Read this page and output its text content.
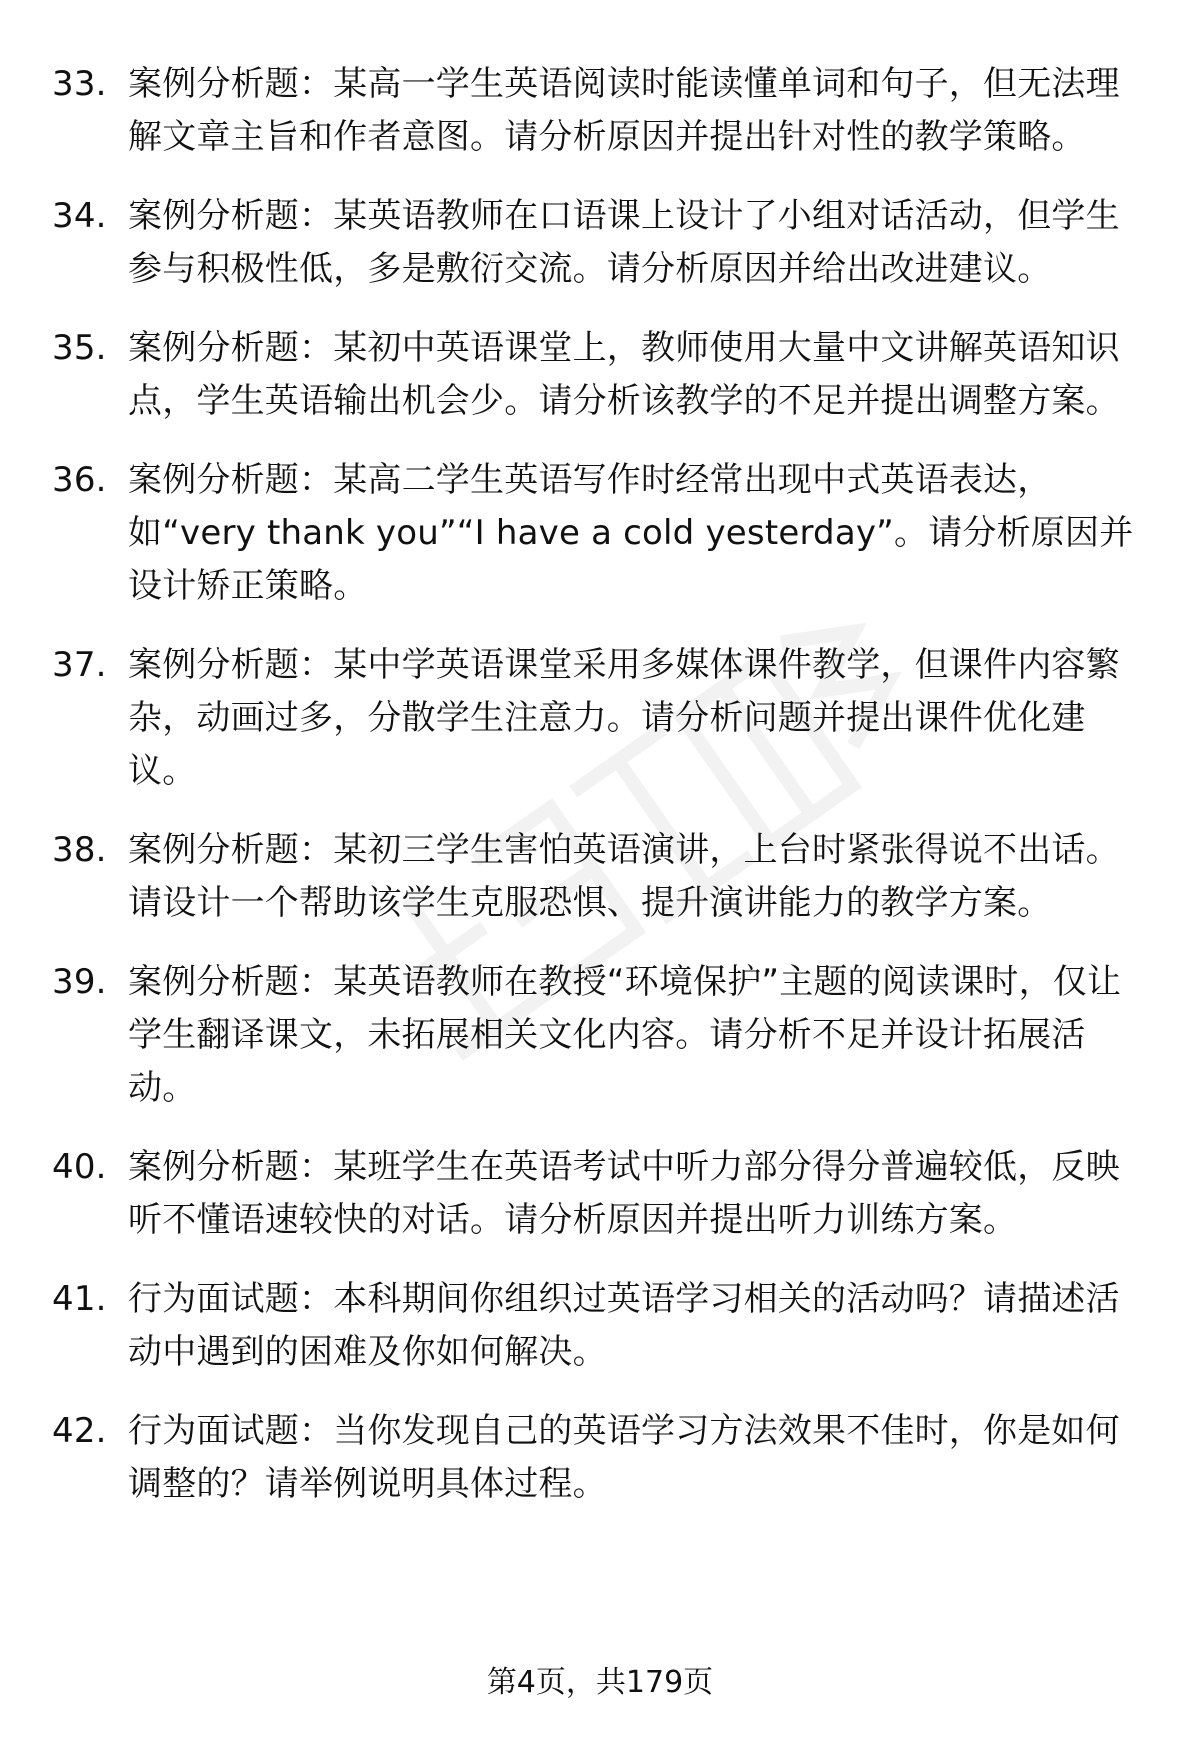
33. 案例分析题：某高一学生英语阅读时能读懂单词和句子，但无法理解文章主旨和作者意图。请分析原因并提出针对性的教学策略。
34. 案例分析题：某英语教师在口语课上设计了小组对话活动，但学生参与积极性低，多是敷衍交流。请分析原因并给出改进建议。
35. 案例分析题：某初中英语课堂上，教师使用大量中文讲解英语知识点，学生英语输出机会少。请分析该教学的不足并提出调整方案。
36. 案例分析题：某高二学生英语写作时经常出现中式英语表达，如“very thank you”“I have a cold yesterday”。请分析原因并设计矫正策略。
37. 案例分析题：某中学英语课堂采用多媒体课件教学，但课件内容繁杂，动画过多，分散学生注意力。请分析问题并提出课件优化建议。
38. 案例分析题：某初三学生害怕英语演讲，上台时紧张得说不出话。请设计一个帮助该学生克服恐惧、提升演讲能力的教学方案。
39. 案例分析题：某英语教师在教授“环境保护”主题的阅读课时，仅让学生翻译课文，未拓展相关文化内容。请分析不足并设计拓展活动。
40. 案例分析题：某班学生在英语考试中听力部分得分普遍较低，反映听不懂语速较快的对话。请分析原因并提出听力训练方案。
41. 行为面试题：本科期间你组织过英语学习相关的活动吗？请描述活动中遇到的困难及你如何解决。
42. 行为面试题：当你发现自己的英语学习方法效果不佳时，你是如何调整的？请举例说明具体过程。
第4页，共179页
